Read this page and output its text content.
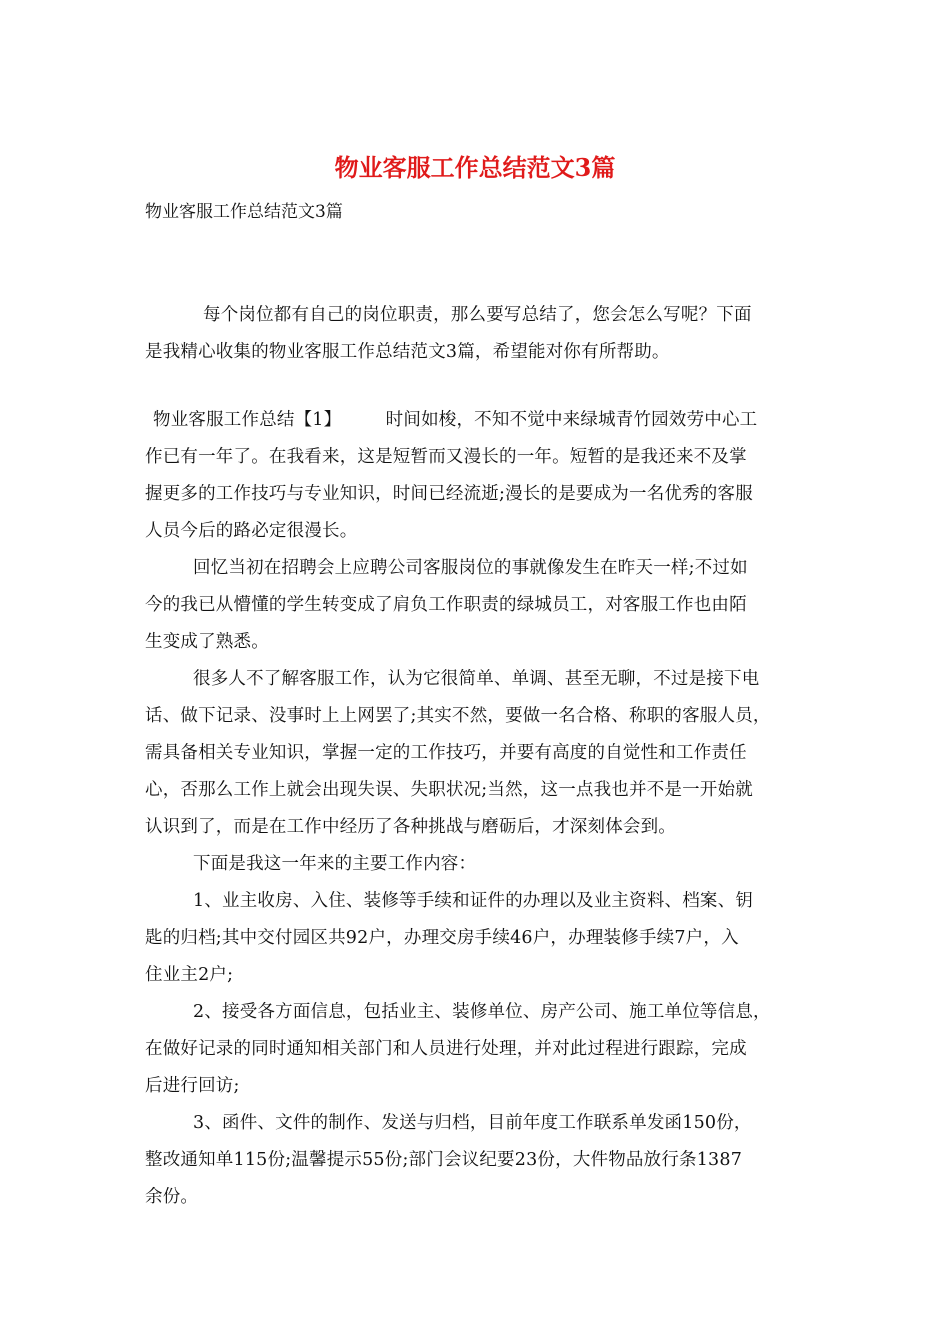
物业客服工作总结范文3篇
物业客服工作总结范文3篇
每个岗位都有自己的岗位职责，那么要写总结了，您会怎么写呢？下面
是我精心收集的物业客服工作总结范文3篇，希望能对你有所帮助。
物业客服工作总结【1】　　　时间如梭，不知不觉中来绿城青竹园效劳中心工
作已有一年了。在我看来，这是短暂而又漫长的一年。短暂的是我还来不及掌
握更多的工作技巧与专业知识，时间已经流逝;漫长的是要成为一名优秀的客服
人员今后的路必定很漫长。
回忆当初在招聘会上应聘公司客服岗位的事就像发生在昨天一样;不过如
今的我已从懵懂的学生转变成了肩负工作职责的绿城员工，对客服工作也由陌
生变成了熟悉。
很多人不了解客服工作，认为它很简单、单调、甚至无聊，不过是接下电
话、做下记录、没事时上上网罢了;其实不然，要做一名合格、称职的客服人员，
需具备相关专业知识，掌握一定的工作技巧，并要有高度的自觉性和工作责任
心，否那么工作上就会出现失误、失职状况;当然，这一点我也并不是一开始就
认识到了，而是在工作中经历了各种挑战与磨砺后，才深刻体会到。
下面是我这一年来的主要工作内容：
1、业主收房、入住、装修等手续和证件的办理以及业主资料、档案、钥
匙的归档;其中交付园区共92户，办理交房手续46户，办理装修手续7户，入
住业主2户;
2、接受各方面信息，包括业主、装修单位、房产公司、施工单位等信息，
在做好记录的同时通知相关部门和人员进行处理，并对此过程进行跟踪，完成
后进行回访;
3、函件、文件的制作、发送与归档，目前年度工作联系单发函150份，
整改通知单115份;温馨提示55份;部门会议纪要23份，大件物品放行条1387
余份。
